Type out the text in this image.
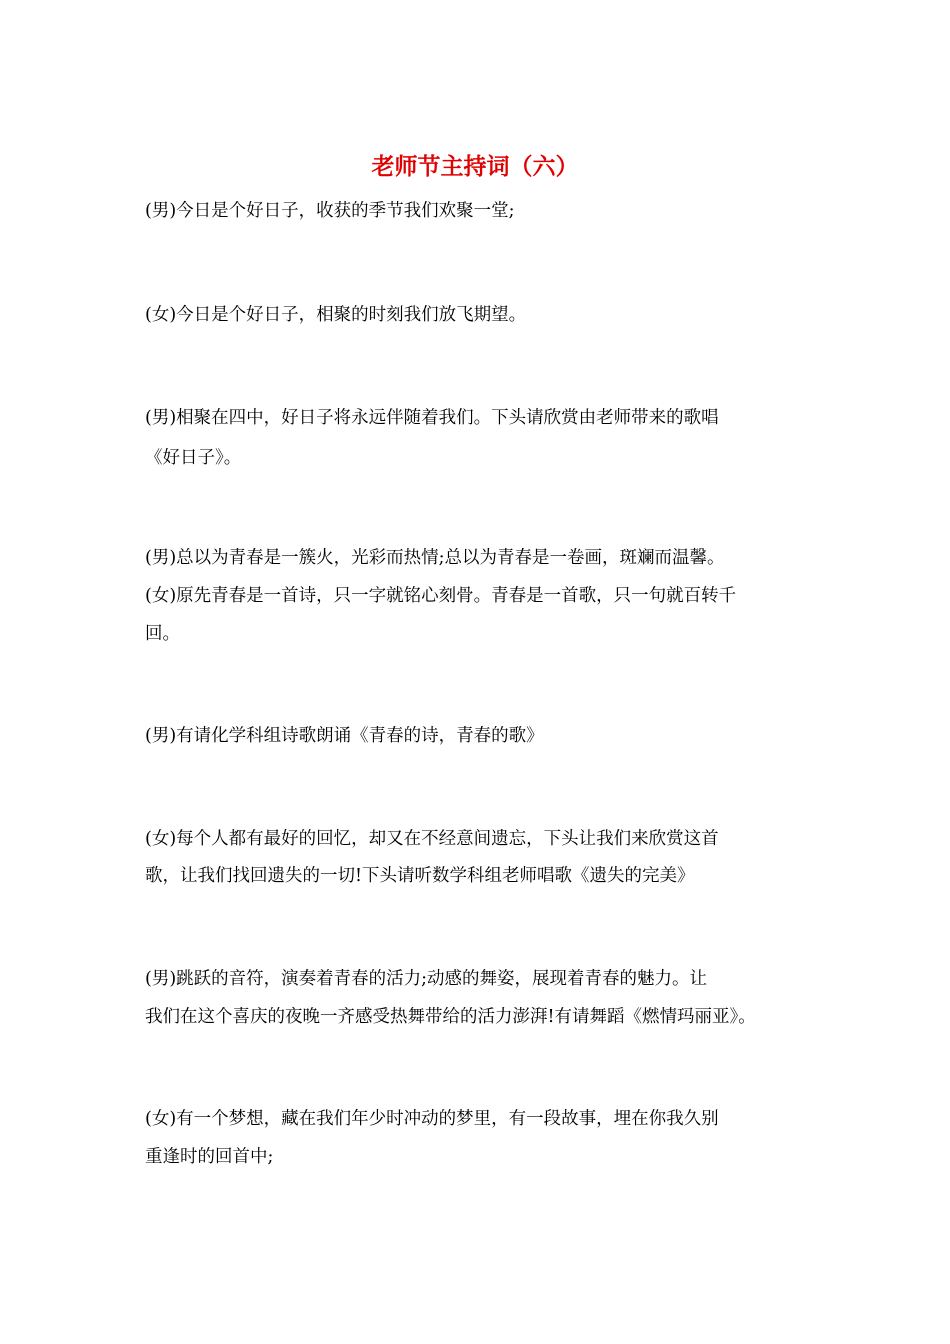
老师节主持词（六）
(男)今日是个好日子，收获的季节我们欢聚一堂;
(女)今日是个好日子，相聚的时刻我们放飞期望。
(男)相聚在四中，好日子将永远伴随着我们。下头请欣赏由老师带来的歌唱
《好日子》。
(男)总以为青春是一簇火，光彩而热情;总以为青春是一卷画，斑斓而温馨。
(女)原先青春是一首诗，只一字就铭心刻骨。青春是一首歌，只一句就百转千
回。
(男)有请化学科组诗歌朗诵《青春的诗，青春的歌》
(女)每个人都有最好的回忆，却又在不经意间遗忘，下头让我们来欣赏这首
歌，让我们找回遗失的一切!下头请听数学科组老师唱歌《遗失的完美》
(男)跳跃的音符，演奏着青春的活力;动感的舞姿，展现着青春的魅力。让
我们在这个喜庆的夜晚一齐感受热舞带给的活力澎湃!有请舞蹈《燃情玛丽亚》。
(女)有一个梦想，藏在我们年少时冲动的梦里，有一段故事，埋在你我久别
重逢时的回首中;
